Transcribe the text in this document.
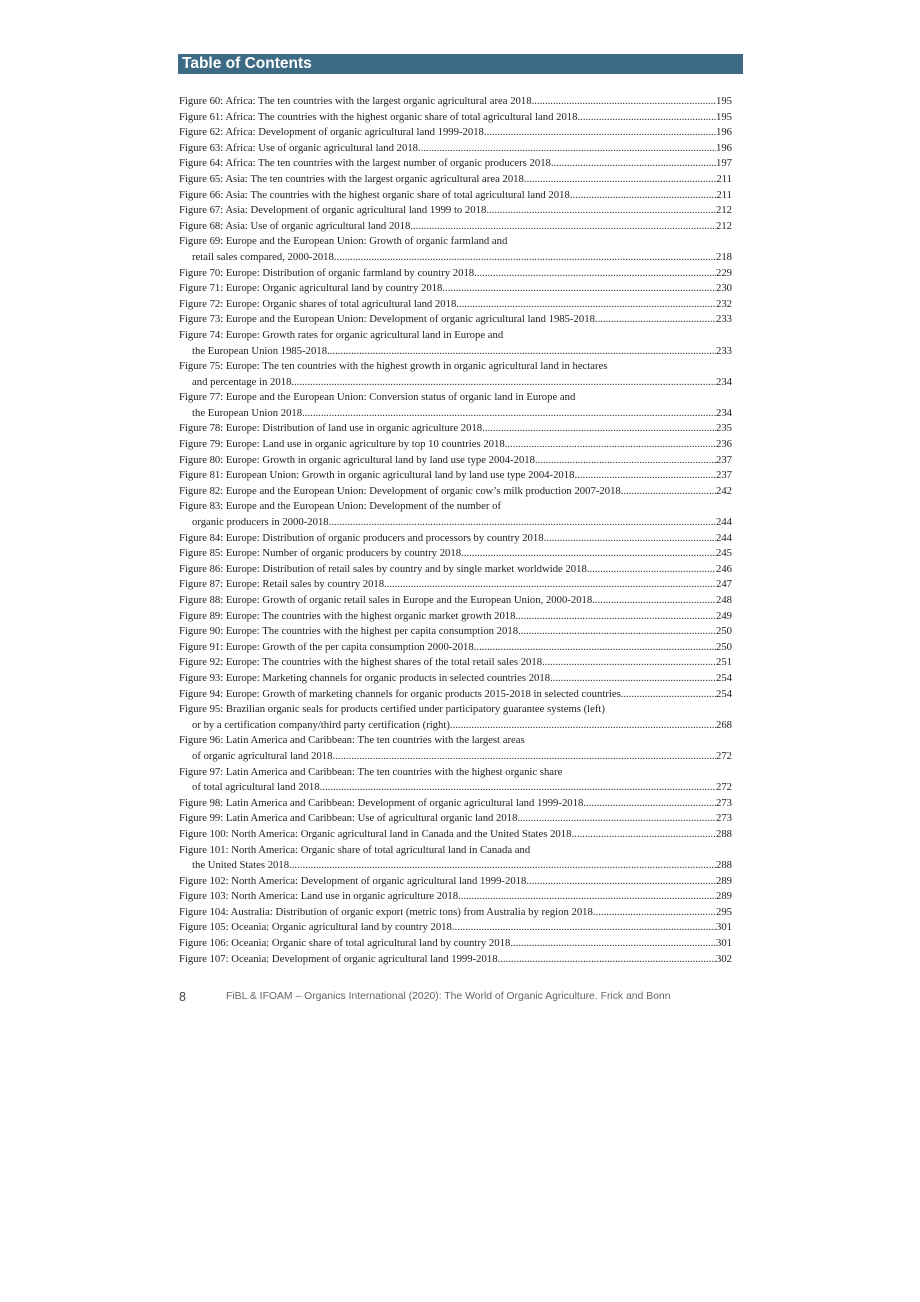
Table of Contents
Figure 60: Africa: The ten countries with the largest organic agricultural area 2018 .....	195
Figure 61: Africa: The countries with the highest organic share of total agricultural land 2018 .....	195
Figure 62: Africa: Development of organic agricultural land 1999-2018 .....	196
Figure 63: Africa: Use of organic agricultural land 2018 .....	196
Figure 64: Africa: The ten countries with the largest number of organic producers 2018 .....	197
Figure 65: Asia: The ten countries with the largest organic agricultural area 2018 .....	211
Figure 66: Asia: The countries with the highest organic share of total agricultural land 2018 .....	211
Figure 67: Asia: Development of organic agricultural land 1999 to 2018 .....	212
Figure 68: Asia: Use of organic agricultural land 2018 .....	212
Figure 69: Europe and the European Union: Growth of organic farmland and
retail sales compared, 2000-2018 .....	218
Figure 70: Europe: Distribution of organic farmland by country 2018 .....	229
Figure 71: Europe: Organic agricultural land by country 2018 .....	230
Figure 72: Europe: Organic shares of total agricultural land 2018 .....	232
Figure 73: Europe and the European Union: Development of organic agricultural land 1985-2018 .....	233
Figure 74: Europe: Growth rates for organic agricultural land in Europe and
the European Union 1985-2018 .....	233
Figure 75: Europe: The ten countries with the highest growth in organic agricultural land in hectares
and percentage in 2018 .....	234
Figure 77: Europe and the European Union: Conversion status of organic land in Europe and
the European Union 2018 .....	234
Figure 78: Europe: Distribution of land use in organic agriculture 2018 .....	235
Figure 79: Europe: Land use in organic agriculture by top 10 countries 2018 .....	236
Figure 80: Europe: Growth in organic agricultural land by land use type 2004-2018 .....	237
Figure 81: European Union: Growth in organic agricultural land by land use type 2004-2018 .....	237
Figure 82: Europe and the European Union: Development of organic cow’s milk production 2007-2018 .....	242
Figure 83: Europe and the European Union: Development of the number of
organic producers in 2000-2018 .....	244
Figure 84: Europe: Distribution of organic producers and processors by country 2018 .....	244
Figure 85: Europe: Number of organic producers by country 2018 .....	245
Figure 86: Europe: Distribution of retail sales by country and by single market worldwide 2018 .....	246
Figure 87: Europe: Retail sales by country 2018 .....	247
Figure 88: Europe: Growth of organic retail sales in Europe and the European Union, 2000-2018 .....	248
Figure 89: Europe: The countries with the highest organic market growth 2018 .....	249
Figure 90: Europe: The countries with the highest per capita consumption 2018 .....	250
Figure 91: Europe: Growth of the per capita consumption 2000-2018 .....	250
Figure 92: Europe: The countries with the highest shares of the total retail sales 2018 .....	251
Figure 93: Europe: Marketing channels for organic products in selected countries 2018 .....	254
Figure 94: Europe: Growth of marketing channels for organic products 2015-2018 in selected countries .....	254
Figure 95: Brazilian organic seals for products certified under participatory guarantee systems (left)
or by a certification company/third party certification (right) .....	268
Figure 96: Latin America and Caribbean: The ten countries with the largest areas
of organic agricultural land 2018 .....	272
Figure 97: Latin America and Caribbean: The ten countries with the highest organic share
of total agricultural land 2018 .....	272
Figure 98: Latin America and Caribbean: Development of organic agricultural land 1999-2018 .....	273
Figure 99: Latin America and Caribbean: Use of agricultural organic land 2018 .....	273
Figure 100: North America: Organic agricultural land in Canada and the United States 2018 .....	288
Figure 101: North America: Organic share of total agricultural land in Canada and
the United States 2018 .....	288
Figure 102: North America: Development of organic agricultural land 1999-2018 .....	289
Figure 103: North America: Land use in organic agriculture 2018 .....	289
Figure 104: Australia: Distribution of organic export (metric tons) from Australia by region 2018 .....	295
Figure 105: Oceania: Organic agricultural land by country 2018 .....	301
Figure 106: Oceania: Organic share of total agricultural land by country 2018 .....	301
Figure 107: Oceania: Development of organic agricultural land 1999-2018 .....	302
8	FiBL & IFOAM – Organics International (2020): The World of Organic Agriculture. Frick and Bonn
